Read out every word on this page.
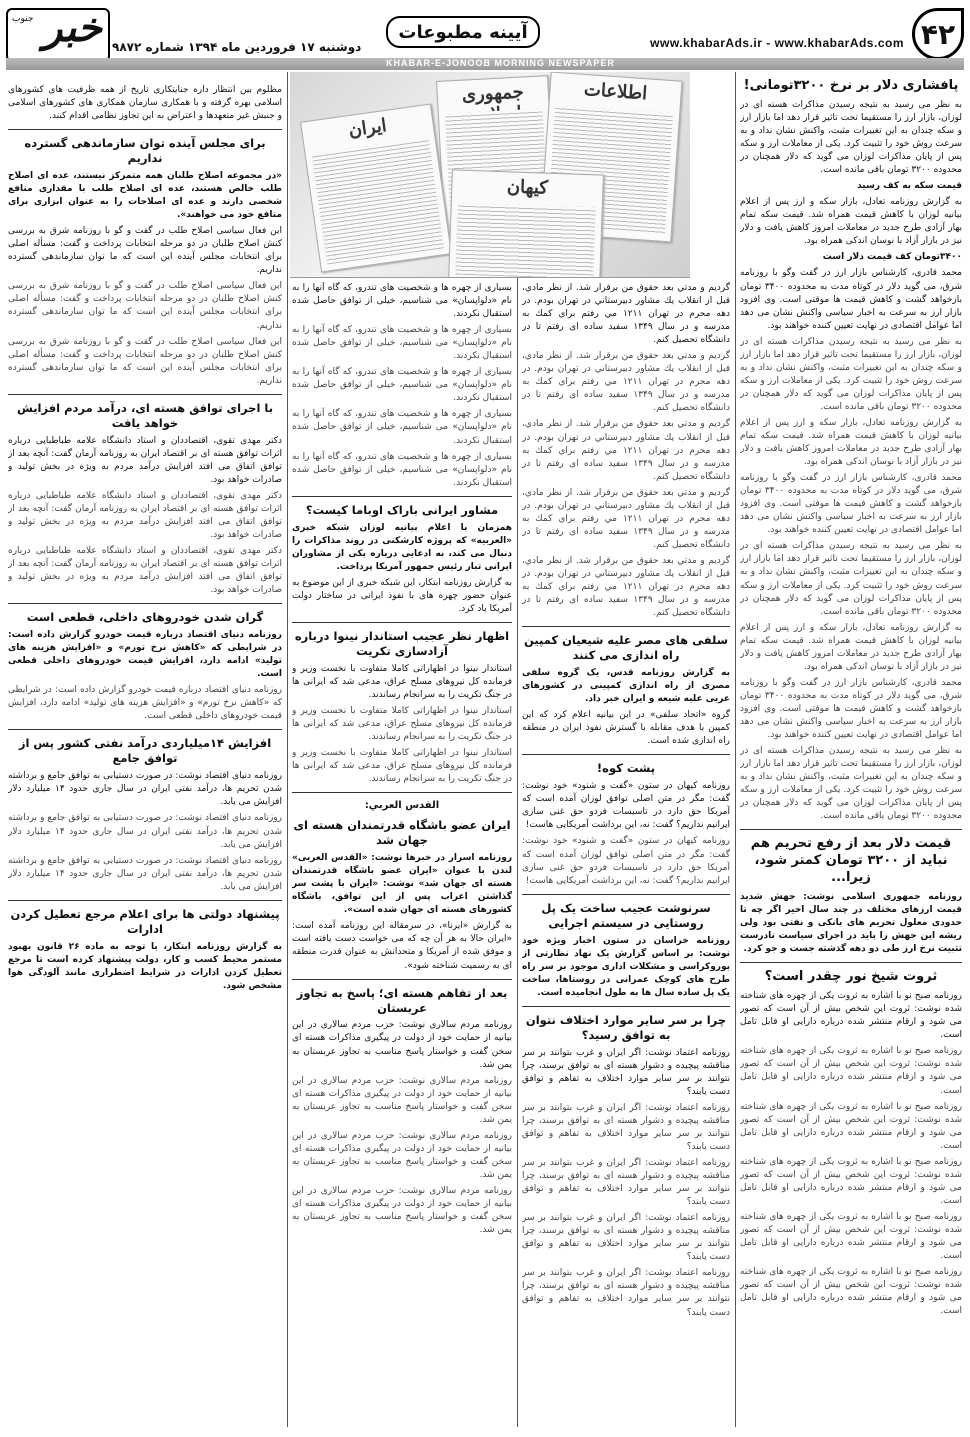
۴۲
www.khabarAds.ir - www.khabarAds.com
آیینه مطبوعات
دوشنبه ۱۷ فروردین ماه ۱۳۹۴ شماره ۹۸۷۲
جنوب خبر
KHABAR-E-JONOOB MORNING NEWSPAPER
جمهوری	اطلاعات
ایران
کیهان
پافشاری دلار بر نرخ ۳۲۰۰تومانی!

به نظر می رسید به نتیجه رسیدن مذاکرات هسته ای در لوزان، بازار ارز را مستقیما تحت تاثیر قرار دهد اما بازار ارز و سکه چندان به این تغییرات مثبت، واکنش نشان نداد و به سرعت روش خود را تثبیت کرد. یکی از معاملات ارز و سکه پس از پایان مذاکرات لوزان می گوید که دلار همچنان در محدوده ۳۲۰۰ تومان باقی مانده است.

قیمت سکه به کف رسید

به گزارش روزنامه تعادل، بازار سکه و ارز پس از اعلام بیانیه لوزان با کاهش قیمت همراه شد. قیمت سکه تمام بهار آزادی طرح جدید در معاملات امروز کاهش یافت و دلار نیز در بازار آزاد با نوسان اندکی همراه بود.

۳۴۰۰تومان کف قیمت دلار است

محمد قادری، کارشناس بازار ارز در گفت وگو با روزنامه شرق، می گوید دلار در کوتاه مدت به محدوده ۳۴۰۰ تومان بازخواهد گشت و کاهش قیمت ها موقتی است. وی افزود بازار ارز به سرعت به اخبار سیاسی واکنش نشان می دهد اما عوامل اقتصادی در نهایت تعیین کننده خواهند بود.

به نظر می رسید به نتیجه رسیدن مذاکرات هسته ای در لوزان، بازار ارز را مستقیما تحت تاثیر قرار دهد اما بازار ارز و سکه چندان به این تغییرات مثبت، واکنش نشان نداد و به سرعت روش خود را تثبیت کرد. یکی از معاملات ارز و سکه پس از پایان مذاکرات لوزان می گوید که دلار همچنان در محدوده ۳۲۰۰ تومان باقی مانده است.

به گزارش روزنامه تعادل، بازار سکه و ارز پس از اعلام بیانیه لوزان با کاهش قیمت همراه شد. قیمت سکه تمام بهار آزادی طرح جدید در معاملات امروز کاهش یافت و دلار نیز در بازار آزاد با نوسان اندکی همراه بود.

محمد قادری، کارشناس بازار ارز در گفت وگو با روزنامه شرق، می گوید دلار در کوتاه مدت به محدوده ۳۴۰۰ تومان بازخواهد گشت و کاهش قیمت ها موقتی است. وی افزود بازار ارز به سرعت به اخبار سیاسی واکنش نشان می دهد اما عوامل اقتصادی در نهایت تعیین کننده خواهند بود.

به نظر می رسید به نتیجه رسیدن مذاکرات هسته ای در لوزان، بازار ارز را مستقیما تحت تاثیر قرار دهد اما بازار ارز و سکه چندان به این تغییرات مثبت، واکنش نشان نداد و به سرعت روش خود را تثبیت کرد. یکی از معاملات ارز و سکه پس از پایان مذاکرات لوزان می گوید که دلار همچنان در محدوده ۳۲۰۰ تومان باقی مانده است.

به گزارش روزنامه تعادل، بازار سکه و ارز پس از اعلام بیانیه لوزان با کاهش قیمت همراه شد. قیمت سکه تمام بهار آزادی طرح جدید در معاملات امروز کاهش یافت و دلار نیز در بازار آزاد با نوسان اندکی همراه بود.

محمد قادری، کارشناس بازار ارز در گفت وگو با روزنامه شرق، می گوید دلار در کوتاه مدت به محدوده ۳۴۰۰ تومان بازخواهد گشت و کاهش قیمت ها موقتی است. وی افزود بازار ارز به سرعت به اخبار سیاسی واکنش نشان می دهد اما عوامل اقتصادی در نهایت تعیین کننده خواهند بود.

به نظر می رسید به نتیجه رسیدن مذاکرات هسته ای در لوزان، بازار ارز را مستقیما تحت تاثیر قرار دهد اما بازار ارز و سکه چندان به این تغییرات مثبت، واکنش نشان نداد و به سرعت روش خود را تثبیت کرد. یکی از معاملات ارز و سکه پس از پایان مذاکرات لوزان می گوید که دلار همچنان در محدوده ۳۲۰۰ تومان باقی مانده است.

قیمت دلار بعد از رفع تحریم هم نباید از ۳۲۰۰ تومان کمتر شود، زیرا...

روزنامه جمهوری اسلامی نوشت: جهش شدید قیمت ارزهای مختلف در چند سال اخیر اگر چه تا حدودی معلول تحریم های بانکی و نفتی بود ولی ریشه این جهش را باید در اجرای سیاست نادرست تثبیت نرخ ارز طی دو دهه گذشته جست و جو کرد.

ثروت شیخ نور چقدر است؟

روزنامه صبح نو با اشاره به ثروت یکی از چهره های شناخته شده نوشت: ثروت این شخص بیش از آن است که تصور می شود و ارقام منتشر شده درباره دارایی او قابل تامل است.

روزنامه صبح نو با اشاره به ثروت یکی از چهره های شناخته شده نوشت: ثروت این شخص بیش از آن است که تصور می شود و ارقام منتشر شده درباره دارایی او قابل تامل است.

روزنامه صبح نو با اشاره به ثروت یکی از چهره های شناخته شده نوشت: ثروت این شخص بیش از آن است که تصور می شود و ارقام منتشر شده درباره دارایی او قابل تامل است.

روزنامه صبح نو با اشاره به ثروت یکی از چهره های شناخته شده نوشت: ثروت این شخص بیش از آن است که تصور می شود و ارقام منتشر شده درباره دارایی او قابل تامل است.

روزنامه صبح نو با اشاره به ثروت یکی از چهره های شناخته شده نوشت: ثروت این شخص بیش از آن است که تصور می شود و ارقام منتشر شده درباره دارایی او قابل تامل است.

روزنامه صبح نو با اشاره به ثروت یکی از چهره های شناخته شده نوشت: ثروت این شخص بیش از آن است که تصور می شود و ارقام منتشر شده درباره دارایی او قابل تامل است.

گرديم و مدتي بعد حقوق من برقرار شد. از نظر مادي، قبل از انقلاب يك مشاور دبيرستاني در تهران بودم. در دهه محرم در تهران ۱۲۱۱ مي رفتم براي كمك به مدرسه و در سال ۱۳۴۹ سفيد ساده ای رفتم تا در دانشگاه تحصیل كنم.

گرديم و مدتي بعد حقوق من برقرار شد. از نظر مادي، قبل از انقلاب يك مشاور دبيرستاني در تهران بودم. در دهه محرم در تهران ۱۲۱۱ مي رفتم براي كمك به مدرسه و در سال ۱۳۴۹ سفيد ساده ای رفتم تا در دانشگاه تحصیل كنم.

گرديم و مدتي بعد حقوق من برقرار شد. از نظر مادي، قبل از انقلاب يك مشاور دبيرستاني در تهران بودم. در دهه محرم در تهران ۱۲۱۱ مي رفتم براي كمك به مدرسه و در سال ۱۳۴۹ سفيد ساده ای رفتم تا در دانشگاه تحصیل كنم.

گرديم و مدتي بعد حقوق من برقرار شد. از نظر مادي، قبل از انقلاب يك مشاور دبيرستاني در تهران بودم. در دهه محرم در تهران ۱۲۱۱ مي رفتم براي كمك به مدرسه و در سال ۱۳۴۹ سفيد ساده ای رفتم تا در دانشگاه تحصیل كنم.

گرديم و مدتي بعد حقوق من برقرار شد. از نظر مادي، قبل از انقلاب يك مشاور دبيرستاني در تهران بودم. در دهه محرم در تهران ۱۲۱۱ مي رفتم براي كمك به مدرسه و در سال ۱۳۴۹ سفيد ساده ای رفتم تا در دانشگاه تحصیل كنم.

سلفی های مصر علیه شیعیان کمپین راه اندازی می کنند

به گزارش روزنامه قدس، یک گروه سلفی مصری از راه اندازی کمپینی در کشورهای عربی علیه شیعه و ایران خبر داد.

گروه «اتحاد سلفی» در این بیانیه اعلام کرد که این کمپین با هدف مقابله با گسترش نفوذ ایران در منطقه راه اندازی شده است.

پشت کوه!

روزنامه کیهان در ستون «گفت و شنود» خود نوشت: گفت: مگر در متن اصلی توافق لوزان آمده است که آمریکا حق دارد در تاسیسات فردو حق غنی سازی ایرانیم نداریم؟ گفت: نه، این برداشت آمریکایی هاست!

روزنامه کیهان در ستون «گفت و شنود» خود نوشت: گفت: مگر در متن اصلی توافق لوزان آمده است که آمریکا حق دارد در تاسیسات فردو حق غنی سازی ایرانیم نداریم؟ گفت: نه، این برداشت آمریکایی هاست!

سرنوشت عجیب ساخت یک پل روستایی در سیستم اجرایی

روزنامه خراسان در ستون اخبار ویژه خود نوشت: بر اساس گزارش یک نهاد نظارتی از بوروکراسی و مشکلات اداری موجود بر سر راه طرح های کوچک عمرانی در روستاها، ساخت یک پل ساده سال ها به طول انجامیده است.

چرا بر سر سایر موارد اختلاف نتوان به توافق رسید؟

روزنامه اعتماد نوشت: اگر ایران و غرب بتوانند بر سر مناقشه پیچیده و دشوار هسته ای به توافق برسند، چرا نتوانند بر سر سایر موارد اختلاف به تفاهم و توافق دست یابند؟

روزنامه اعتماد نوشت: اگر ایران و غرب بتوانند بر سر مناقشه پیچیده و دشوار هسته ای به توافق برسند، چرا نتوانند بر سر سایر موارد اختلاف به تفاهم و توافق دست یابند؟

روزنامه اعتماد نوشت: اگر ایران و غرب بتوانند بر سر مناقشه پیچیده و دشوار هسته ای به توافق برسند، چرا نتوانند بر سر سایر موارد اختلاف به تفاهم و توافق دست یابند؟

روزنامه اعتماد نوشت: اگر ایران و غرب بتوانند بر سر مناقشه پیچیده و دشوار هسته ای به توافق برسند، چرا نتوانند بر سر سایر موارد اختلاف به تفاهم و توافق دست یابند؟

روزنامه اعتماد نوشت: اگر ایران و غرب بتوانند بر سر مناقشه پیچیده و دشوار هسته ای به توافق برسند، چرا نتوانند بر سر سایر موارد اختلاف به تفاهم و توافق دست یابند؟

بسیاری از چهره ها و شخصیت های تندرو، که گاه آنها را به نام «دلواپسان» می شناسیم، خیلی از توافق حاصل شده استقبال نکردند.

بسیاری از چهره ها و شخصیت های تندرو، که گاه آنها را به نام «دلواپسان» می شناسیم، خیلی از توافق حاصل شده استقبال نکردند.

بسیاری از چهره ها و شخصیت های تندرو، که گاه آنها را به نام «دلواپسان» می شناسیم، خیلی از توافق حاصل شده استقبال نکردند.

بسیاری از چهره ها و شخصیت های تندرو، که گاه آنها را به نام «دلواپسان» می شناسیم، خیلی از توافق حاصل شده استقبال نکردند.

بسیاری از چهره ها و شخصیت های تندرو، که گاه آنها را به نام «دلواپسان» می شناسیم، خیلی از توافق حاصل شده استقبال نکردند.

مشاور ایرانی باراک اوباما کیست؟

همزمان با اعلام بیانیه لوزان شبکه خبری «العربیه» که پروژه کارشکنی در روند مذاکرات را دنبال می کند، به ادعایی درباره یکی از مشاوران ایرانی تبار رئیس جمهور آمریکا پرداخت.

به گزارش روزنامه ابتکار، این شبکه خبری از این موضوع به عنوان حضور چهره های با نفوذ ایرانی در ساختار دولت آمریکا یاد کرد.

اظهار نظر عجیب استاندار نینوا درباره آزادسازی تکریت

استاندار نینوا در اظهاراتی کاملا متفاوت با نخست وزیر و فرمانده کل نیروهای مسلح عراق، مدعی شد که ایرانی ها در جنگ تکریت را به سرانجام رساندند.

استاندار نینوا در اظهاراتی کاملا متفاوت با نخست وزیر و فرمانده کل نیروهای مسلح عراق، مدعی شد که ایرانی ها در جنگ تکریت را به سرانجام رساندند.

استاندار نینوا در اظهاراتی کاملا متفاوت با نخست وزیر و فرمانده کل نیروهای مسلح عراق، مدعی شد که ایرانی ها در جنگ تکریت را به سرانجام رساندند.

القدس العربي:
ایران عضو باشگاه قدرتمندان هسته ای جهان شد

روزنامه اسرار در خبرها نوشت: «القدس العربی» لندن با عنوان «ایران عضو باشگاه قدرتمندان هسته ای جهان شد» نوشت: «ایران با پشت سر گذاشتن اعراب پس از این توافق، باشگاه کشورهای هسته ای جهان شده است».

به گزارش «ایرنا»، در سرمقاله این روزنامه آمده است: «ایران حالا به هر آن چه که می خواست دست یافته است و موفق شده از آمریکا و متحدانش به عنوان قدرت منطقه ای به رسمیت شناخته شود».

بعد از تفاهم هسته ای؛ پاسخ به تجاوز عربستان

روزنامه مردم سالاری نوشت: حزب مردم سالاری در این بیانیه از حمایت خود از دولت در پیگیری مذاکرات هسته ای سخن گفت و خواستار پاسخ مناسب به تجاوز عربستان به یمن شد.

روزنامه مردم سالاری نوشت: حزب مردم سالاری در این بیانیه از حمایت خود از دولت در پیگیری مذاکرات هسته ای سخن گفت و خواستار پاسخ مناسب به تجاوز عربستان به یمن شد.

روزنامه مردم سالاری نوشت: حزب مردم سالاری در این بیانیه از حمایت خود از دولت در پیگیری مذاکرات هسته ای سخن گفت و خواستار پاسخ مناسب به تجاوز عربستان به یمن شد.

روزنامه مردم سالاری نوشت: حزب مردم سالاری در این بیانیه از حمایت خود از دولت در پیگیری مذاکرات هسته ای سخن گفت و خواستار پاسخ مناسب به تجاوز عربستان به یمن شد.

مظلوم بین انتظار داره جنایتکاری تاریخ از همه ظرفیت های کشورهای اسلامی بهره گرفته و با همکاری سازمان همکاری های کشورهای اسلامی و جنبش غیر متعهدها و اعتراض به این تجاوز نظامی اقدام کنند.

برای مجلس آینده توان سازماندهی گسترده نداریم

«در مجموعه اصلاح طلبان همه متمرکز نیستند، عده ای اصلاح طلب خالص هستند، عده ای اصلاح طلب با مقداری منافع شخصی دارند و عده ای اصلاحات را به عنوان ابزاری برای منافع خود می خواهند».

این فعال سیاسی اصلاح طلب در گفت و گو با روزنامه شرق به بررسی کنش اصلاح طلبان در دو مرحله انتخابات پرداخت و گفت: مسأله اصلی برای انتخابات مجلس آینده این است که ما توان سازماندهی گسترده نداریم.

این فعال سیاسی اصلاح طلب در گفت و گو با روزنامه شرق به بررسی کنش اصلاح طلبان در دو مرحله انتخابات پرداخت و گفت: مسأله اصلی برای انتخابات مجلس آینده این است که ما توان سازماندهی گسترده نداریم.

این فعال سیاسی اصلاح طلب در گفت و گو با روزنامه شرق به بررسی کنش اصلاح طلبان در دو مرحله انتخابات پرداخت و گفت: مسأله اصلی برای انتخابات مجلس آینده این است که ما توان سازماندهی گسترده نداریم.

با اجرای توافق هسته ای، درآمد مردم افزایش خواهد یافت

دکتر مهدی تقوی، اقتصاددان و استاد دانشگاه علامه طباطبایی درباره اثرات توافق هسته ای بر اقتصاد ایران به روزنامه آرمان گفت: آنچه بعد از توافق اتفاق می افتد افزایش درآمد مردم به ویژه در بخش تولید و صادرات خواهد بود.

دکتر مهدی تقوی، اقتصاددان و استاد دانشگاه علامه طباطبایی درباره اثرات توافق هسته ای بر اقتصاد ایران به روزنامه آرمان گفت: آنچه بعد از توافق اتفاق می افتد افزایش درآمد مردم به ویژه در بخش تولید و صادرات خواهد بود.

دکتر مهدی تقوی، اقتصاددان و استاد دانشگاه علامه طباطبایی درباره اثرات توافق هسته ای بر اقتصاد ایران به روزنامه آرمان گفت: آنچه بعد از توافق اتفاق می افتد افزایش درآمد مردم به ویژه در بخش تولید و صادرات خواهد بود.

گران شدن خودروهای داخلی، قطعی است

روزنامه دنیای اقتصاد درباره قیمت خودرو گزارش داده است: در شرایطی که «کاهش نرخ تورم» و «افزایش هزینه های تولید» ادامه دارد، افزایش قیمت خودروهای داخلی قطعی است.

روزنامه دنیای اقتصاد درباره قیمت خودرو گزارش داده است: در شرایطی که «کاهش نرخ تورم» و «افزایش هزینه های تولید» ادامه دارد، افزایش قیمت خودروهای داخلی قطعی است.

افزایش ۱۴میلیاردی درآمد نفتی کشور پس از توافق جامع

روزنامه دنیای اقتصاد نوشت: در صورت دستیابی به توافق جامع و برداشته شدن تحریم ها، درآمد نفتی ایران در سال جاری حدود ۱۴ میلیارد دلار افزایش می یابد.

روزنامه دنیای اقتصاد نوشت: در صورت دستیابی به توافق جامع و برداشته شدن تحریم ها، درآمد نفتی ایران در سال جاری حدود ۱۴ میلیارد دلار افزایش می یابد.

روزنامه دنیای اقتصاد نوشت: در صورت دستیابی به توافق جامع و برداشته شدن تحریم ها، درآمد نفتی ایران در سال جاری حدود ۱۴ میلیارد دلار افزایش می یابد.

پیشنهاد دولتی ها برای اعلام مرجع تعطیل کردن ادارات

به گزارش روزنامه ابتکار، با توجه به ماده ۲۶ قانون بهبود مستمر محیط کسب و کار، دولت پیشنهاد کرده است تا مرجع تعطیل کردن ادارات در شرایط اضطراری مانند آلودگی هوا مشخص شود.
